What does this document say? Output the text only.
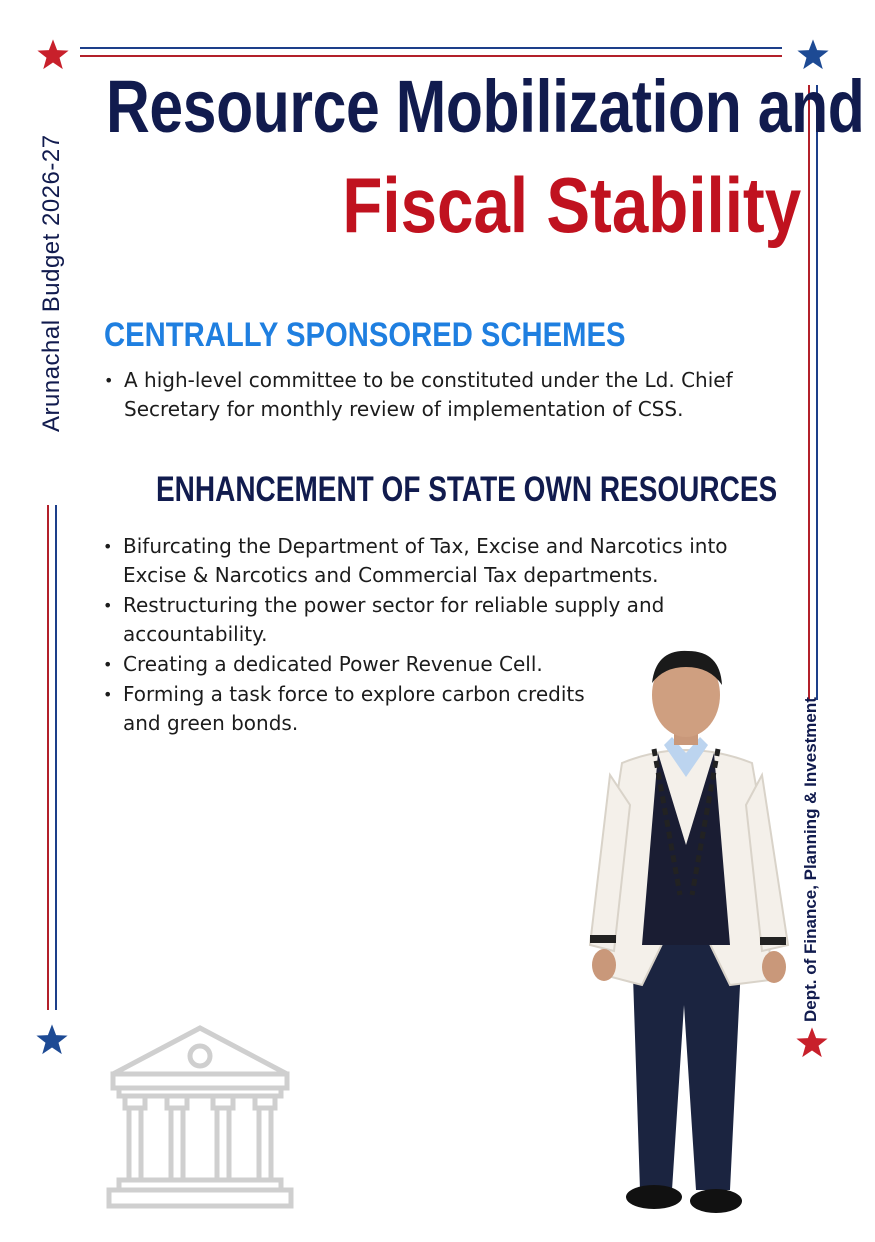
Resource Mobilization and
Fiscal Stability
Arunachal Budget 2026-27
Dept. of Finance, Planning & Investment
CENTRALLY SPONSORED SCHEMES
• A high-level committee to be constituted under the Ld. Chief Secretary for monthly review of implementation of CSS.
ENHANCEMENT OF STATE OWN RESOURCES
• Bifurcating the Department of Tax, Excise and Narcotics into Excise & Narcotics and Commercial Tax departments.
• Restructuring the power sector for reliable supply and accountability.
• Creating a dedicated Power Revenue Cell.
• Forming a task force to explore carbon credits and green bonds.
